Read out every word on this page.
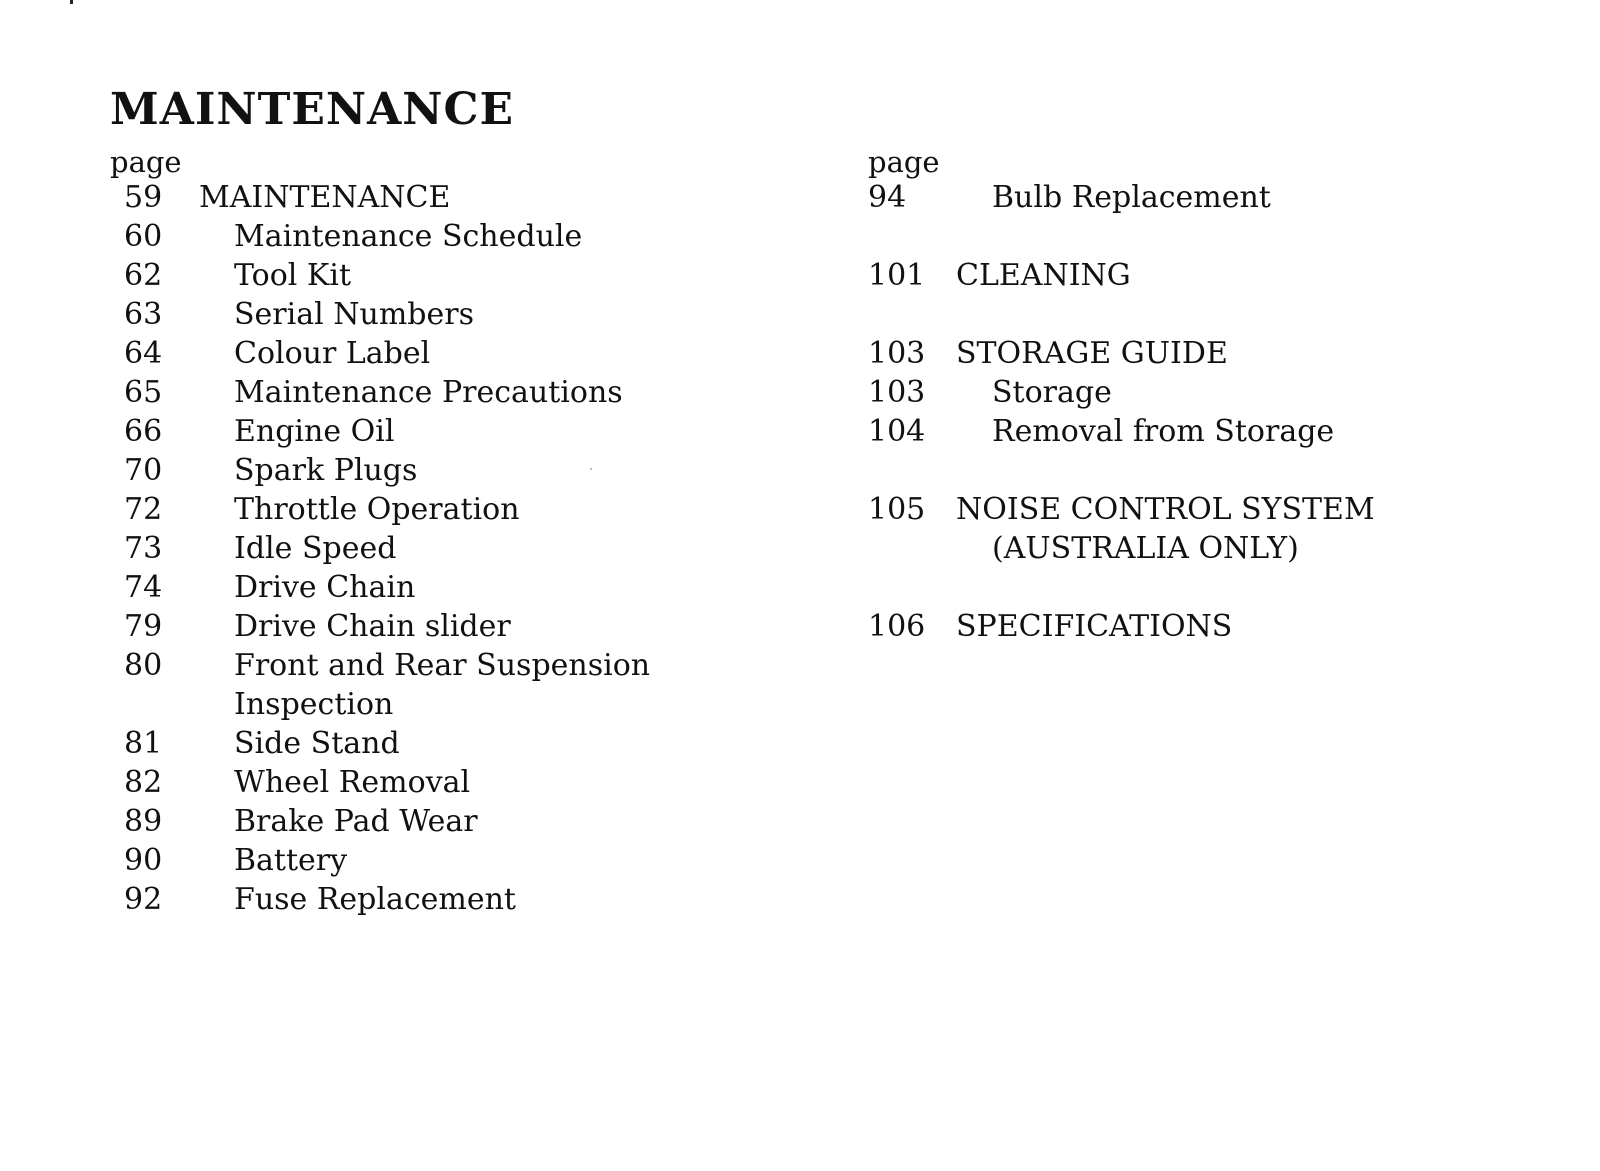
MAINTENANCE
page
59 MAINTENANCE
60 Maintenance Schedule
62 Tool Kit
63 Serial Numbers
64 Colour Label
65 Maintenance Precautions
66 Engine Oil
70 Spark Plugs
72 Throttle Operation
73 Idle Speed
74 Drive Chain
79 Drive Chain slider
80 Front and Rear Suspension
Inspection
81 Side Stand
82 Wheel Removal
89 Brake Pad Wear
90 Battery
92 Fuse Replacement
page
94	Bulb Replacement
101 CLEANING
103 STORAGE GUIDE
103 Storage
104 Removal from Storage
105 NOISE CONTROL SYSTEM
(AUSTRALIA ONLY)
106 SPECIFICATIONS
